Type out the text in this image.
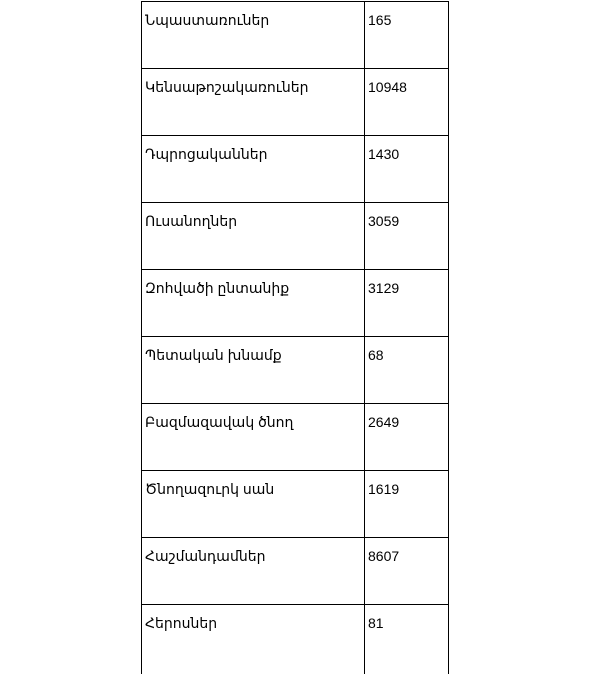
Նպաստառուներ	165

Կենսաթոշակառուներ	10948

Դպրոցականներ	1430

Ուսանողներ	3059

Զոհվածի ընտանիք	3129

Պետական խնամք	68

Բազմազավակ ծնող	2649

Ծնողազուրկ սան	1619

Հաշմանդամներ	8607

Հերոսներ	81
